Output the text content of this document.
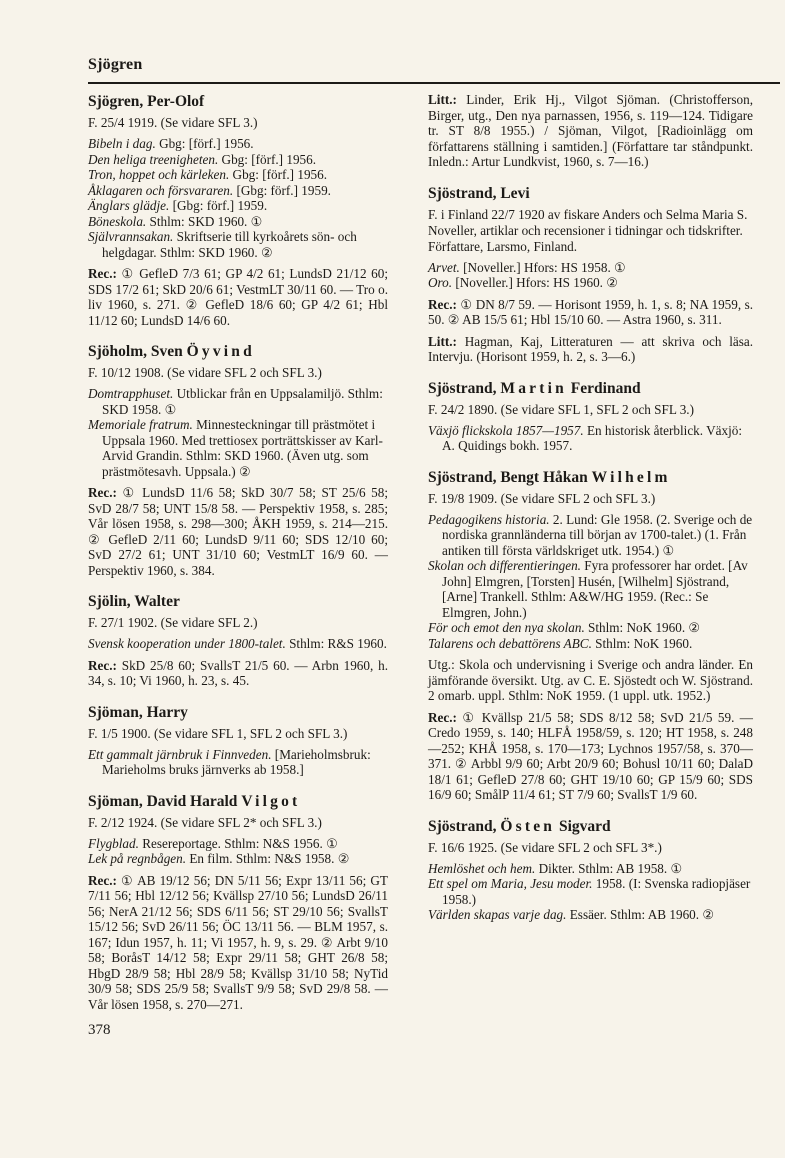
Sjögren
Sjögren, Per-Olof

F. 25/4 1919. (Se vidare SFL 3.)

Bibeln i dag. Gbg: [förf.] 1956.

Den heliga treenigheten. Gbg: [förf.] 1956.

Tron, hoppet och kärleken. Gbg: [förf.] 1956.

Åklagaren och försvararen. [Gbg: förf.] 1959.

Änglars glädje. [Gbg: förf.] 1959.

Böneskola. Sthlm: SKD 1960. ①

Självrannsakan. Skriftserie till kyrkoårets sön- och helgdagar. Sthlm: SKD 1960. ②

Rec.: ① GefleD 7/3 61; GP 4/2 61; LundsD 21/12 60; SDS 17/2 61; SkD 20/6 61; VestmLT 30/11 60. — Tro o. liv 1960, s. 271. ② GefleD 18/6 60; GP 4/2 61; Hbl 11/12 60; LundsD 14/6 60.

Sjöholm, Sven Öyvind

F. 10/12 1908. (Se vidare SFL 2 och SFL 3.)

Domtrapphuset. Utblickar från en Uppsalamiljö. Sthlm: SKD 1958. ①

Memoriale fratrum. Minnesteckningar till prästmötet i Uppsala 1960. Med trettiosex porträttskisser av Karl-Arvid Grandin. Sthlm: SKD 1960. (Även utg. som prästmötesavh. Uppsala.) ②

Rec.: ① LundsD 11/6 58; SkD 30/7 58; ST 25/6 58; SvD 28/7 58; UNT 15/8 58. — Perspektiv 1958, s. 285; Vår lösen 1958, s. 298—300; ÅKH 1959, s. 214—215. ② GefleD 2/11 60; LundsD 9/11 60; SDS 12/10 60; SvD 27/2 61; UNT 31/10 60; VestmLT 16/9 60. — Perspektiv 1960, s. 384.

Sjölin, Walter

F. 27/1 1902. (Se vidare SFL 2.)

Svensk kooperation under 1800-talet. Sthlm: R&S 1960.

Rec.: SkD 25/8 60; SvallsT 21/5 60. — Arbn 1960, h. 34, s. 10; Vi 1960, h. 23, s. 45.

Sjöman, Harry

F. 1/5 1900. (Se vidare SFL 1, SFL 2 och SFL 3.)

Ett gammalt järnbruk i Finnveden. [Marieholmsbruk: Marieholms bruks järnverks ab 1958.]

Sjöman, David Harald Vilgot

F. 2/12 1924. (Se vidare SFL 2* och SFL 3.)

Flygblad. Resereportage. Sthlm: N&S 1956. ①

Lek på regnbågen. En film. Sthlm: N&S 1958. ②

Rec.: ① AB 19/12 56; DN 5/11 56; Expr 13/11 56; GT 7/11 56; Hbl 12/12 56; Kvällsp 27/10 56; LundsD 26/11 56; NerA 21/12 56; SDS 6/11 56; ST 29/10 56; SvallsT 15/12 56; SvD 26/11 56; ÖC 13/11 56. — BLM 1957, s. 167; Idun 1957, h. 11; Vi 1957, h. 9, s. 29. ② Arbt 9/10 58; BoråsT 14/12 58; Expr 29/11 58; GHT 26/8 58; HbgD 28/9 58; Hbl 28/9 58; Kvällsp 31/10 58; NyTid 30/9 58; SDS 25/9 58; SvallsT 9/9 58; SvD 29/8 58. — Vår lösen 1958, s. 270—271.

Litt.: Linder, Erik Hj., Vilgot Sjöman. (Christofferson, Birger, utg., Den nya parnassen, 1956, s. 119—124. Tidigare tr. ST 8/8 1955.) / Sjöman, Vilgot, [Radioinlägg om författarens ställning i samtiden.] (Författare tar ståndpunkt. Inledn.: Artur Lundkvist, 1960, s. 7—16.)

Sjöstrand, Levi

F. i Finland 22/7 1920 av fiskare Anders och Selma Maria S. Noveller, artiklar och recensioner i tidningar och tidskrifter. Författare, Larsmo, Finland.

Arvet. [Noveller.] Hfors: HS 1958. ①

Oro. [Noveller.] Hfors: HS 1960. ②

Rec.: ① DN 8/7 59. — Horisont 1959, h. 1, s. 8; NA 1959, s. 50. ② AB 15/5 61; Hbl 15/10 60. — Astra 1960, s. 311.

Litt.: Hagman, Kaj, Litteraturen — att skriva och läsa. Intervju. (Horisont 1959, h. 2, s. 3—6.)

Sjöstrand, Martin Ferdinand

F. 24/2 1890. (Se vidare SFL 1, SFL 2 och SFL 3.)

Växjö flickskola 1857—1957. En historisk återblick. Växjö: A. Quidings bokh. 1957.

Sjöstrand, Bengt Håkan Wilhelm

F. 19/8 1909. (Se vidare SFL 2 och SFL 3.)

Pedagogikens historia. 2. Lund: Gle 1958. (2. Sverige och de nordiska grannländerna till början av 1700-talet.) (1. Från antiken till första världskriget utk. 1954.) ①

Skolan och differentieringen. Fyra professorer har ordet. [Av John] Elmgren, [Torsten] Husén, [Wilhelm] Sjöstrand, [Arne] Trankell. Sthlm: A&W/HG 1959. (Rec.: Se Elmgren, John.)

För och emot den nya skolan. Sthlm: NoK 1960. ②

Talarens och debattörens ABC. Sthlm: NoK 1960.

Utg.: Skola och undervisning i Sverige och andra länder. En jämförande översikt. Utg. av C. E. Sjöstedt och W. Sjöstrand. 2 omarb. uppl. Sthlm: NoK 1959. (1 uppl. utk. 1952.)

Rec.: ① Kvällsp 21/5 58; SDS 8/12 58; SvD 21/5 59. — Credo 1959, s. 140; HLFÅ 1958/59, s. 120; HT 1958, s. 248—252; KHÅ 1958, s. 170—173; Lychnos 1957/58, s. 370—371. ② Arbbl 9/9 60; Arbt 20/9 60; Bohusl 10/11 60; DalaD 18/1 61; GefleD 27/8 60; GHT 19/10 60; GP 15/9 60; SDS 16/9 60; SmålP 11/4 61; ST 7/9 60; SvallsT 1/9 60.

Sjöstrand, Östen Sigvard

F. 16/6 1925. (Se vidare SFL 2 och SFL 3*.)

Hemlöshet och hem. Dikter. Sthlm: AB 1958. ①

Ett spel om Maria, Jesu moder. 1958. (I: Svenska radiopjäser 1958.)

Världen skapas varje dag. Essäer. Sthlm: AB 1960. ②

378
